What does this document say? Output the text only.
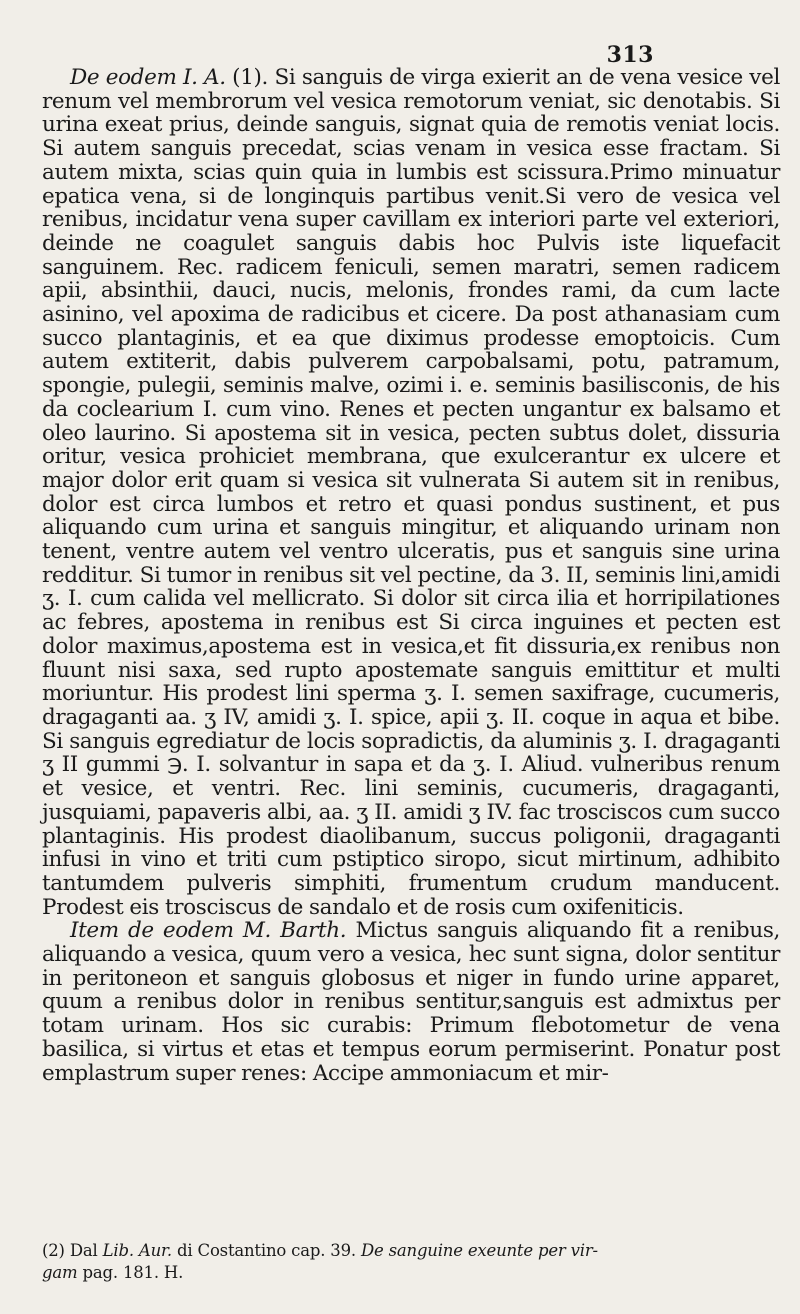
313

De eodem I. A. (1). Si sanguis de virga exierit an de vena vesice vel renum vel membrorum vel vesica remotorum veniat, sic denotabis. Si urina exeat prius, deinde sanguis, signat quia de remotis veniat locis. Si autem sanguis precedat, scias venam in vesica esse fractam. Si autem mixta, scias quin quia in lumbis est scissura.Primo minuatur epatica vena, si de longinquis partibus venit.Si vero de vesica vel renibus, incidatur vena super cavillam ex interiori parte vel exteriori, deinde ne coagulet sanguis dabis hoc Pulvis iste liquefacit sanguinem. Rec. radicem feniculi, semen maratri, semen radicem apii, absinthii, dauci, nucis, melonis, frondes rami, da cum lacte asinino, vel apoxima de radicibus et cicere. Da post athanasiam cum succo plantaginis, et ea que diximus prodesse emoptoicis. Cum autem extiterit, dabis pulverem carpobalsami, potu, patramum, spongie, pulegii, seminis malve, ozimi i. e. seminis basilisconis, de his da coclearium I. cum vino. Renes et pecten ungantur ex balsamo et oleo laurino. Si apostema sit in vesica, pecten subtus dolet, dissuria oritur, vesica prohiciet membrana, que exulcerantur ex ulcere et major dolor erit quam si vesica sit vulnerata Si autem sit in renibus, dolor est circa lumbos et retro et quasi pondus sustinent, et pus aliquando cum urina et sanguis mingitur, et aliquando urinam non tenent, ventre autem vel ventro ulceratis, pus et sanguis sine urina redditur. Si tumor in renibus sit vel pectine, da 3. II, seminis lini,amidi ʒ. I. cum calida vel mellicrato. Si dolor sit circa ilia et horripilationes ac febres, apostema in renibus est Si circa inguines et pecten est dolor maximus,apostema est in vesica,et fit dissuria,ex renibus non fluunt nisi saxa, sed rupto apostemate sanguis emittitur et multi moriuntur. His prodest lini sperma ʒ. I. semen saxifrage, cucumeris, dragaganti aa. ʒ IV, amidi ʒ. I. spice, apii ʒ. II. coque in aqua et bibe. Si sanguis egrediatur de locis sopradictis, da aluminis ʒ. I. dragaganti ʒ II gummi ℈. I. solvantur in sapa et da ʒ. I. Aliud. vulneribus renum et vesice, et ventri. Rec. lini seminis, cucumeris, dragaganti, jusquiami, papaveris albi, aa. ʒ II. amidi ʒ IV. fac trosciscos cum succo plantaginis. His prodest diaolibanum, succus poligonii, dragaganti infusi in vino et triti cum pstiptico siropo, sicut mirtinum, adhibito tantumdem pulveris simphiti, frumentum crudum manducent. Prodest eis trosciscus de sandalo et de rosis cum oxifeniticis.

Item de eodem M. Barth. Mictus sanguis aliquando fit a renibus, aliquando a vesica, quum vero a vesica, hec sunt signa, dolor sentitur in peritoneon et sanguis globosus et niger in fundo urine apparet, quum a renibus dolor in renibus sentitur,sanguis est admixtus per totam urinam. Hos sic curabis: Primum flebotometur de vena basilica, si virtus et etas et tempus eorum permiserint. Ponatur post emplastrum super renes: Accipe ammoniacum et mir-

(2) Dal Lib. Aur. di Costantino cap. 39. De sanguine exeunte per vir-
gam pag. 181. H.
